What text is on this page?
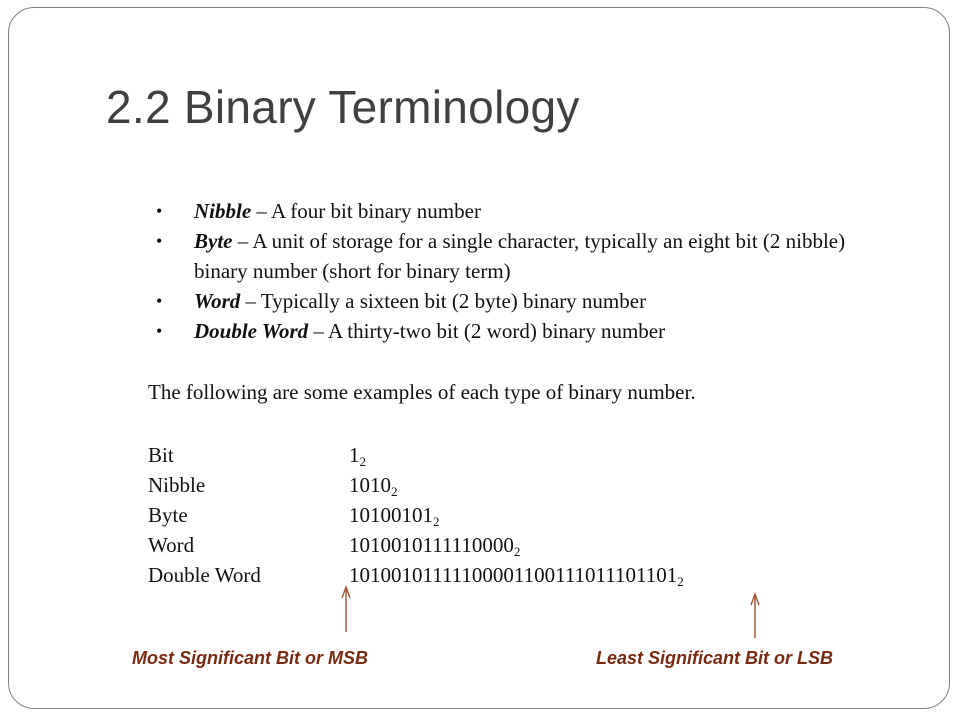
2.2 Binary Terminology
• Nibble – A four bit binary number
• Byte – A unit of storage for a single character, typically an eight bit (2 nibble) binary number (short for binary term)
• Word – Typically a sixteen bit (2 byte) binary number
• Double Word – A thirty-two bit (2 word) binary number

The following are some examples of each type of binary number.

Bit	$1_2$
Nibble	$1010_2$
Byte	$10100101_2$
Word	$1010010111110000_2$
Double Word	$10100101111100001100111011101101_2$

Most Significant Bit or MSB	Least Significant Bit or LSB
